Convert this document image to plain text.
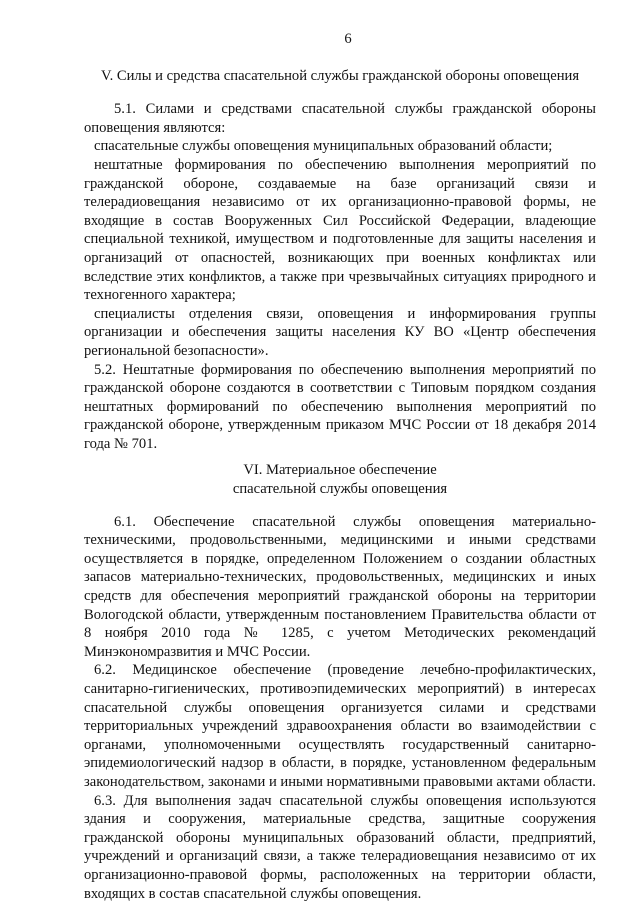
6
V. Силы и средства спасательной службы гражданской обороны оповещения

5.1. Силами и средствами спасательной службы гражданской обороны оповещения являются:

спасательные службы оповещения муниципальных образований области;

нештатные формирования по обеспечению выполнения мероприятий по гражданской обороне, создаваемые на базе организаций связи и телерадиовещания независимо от их организационно-правовой формы, не входящие в состав Вооруженных Сил Российской Федерации, владеющие специальной техникой, имуществом и подготовленные для защиты населения и организаций от опасностей, возникающих при военных конфликтах или вследствие этих конфликтов, а также при чрезвычайных ситуациях природного и техногенного характера;

специалисты отделения связи, оповещения и информирования группы организации и обеспечения защиты населения КУ ВО «Центр обеспечения региональной безопасности».

5.2. Нештатные формирования по обеспечению выполнения мероприятий по гражданской обороне создаются в соответствии с Типовым порядком создания нештатных формирований по обеспечению выполнения мероприятий по гражданской обороне, утвержденным приказом МЧС России от 18 декабря 2014 года № 701.

VI. Материальное обеспечение
спасательной службы оповещения

6.1. Обеспечение спасательной службы оповещения материально-техническими, продовольственными, медицинскими и иными средствами осуществляется в порядке, определенном Положением о создании областных запасов материально-технических, продовольственных, медицинских и иных средств для обеспечения мероприятий гражданской обороны на территории Вологодской области, утвержденным постановлением Правительства области от 8 ноября 2010 года № 1285, с учетом Методических рекомендаций Минэкономразвития и МЧС России.

6.2. Медицинское обеспечение (проведение лечебно-профилактических, санитарно-гигиенических, противоэпидемических мероприятий) в интересах спасательной службы оповещения организуется силами и средствами территориальных учреждений здравоохранения области во взаимодействии с органами, уполномоченными осуществлять государственный санитарно-эпидемиологический надзор в области, в порядке, установленном федеральным законодательством, законами и иными нормативными правовыми актами области.

6.3. Для выполнения задач спасательной службы оповещения используются здания и сооружения, материальные средства, защитные сооружения гражданской обороны муниципальных образований области, предприятий, учреждений и организаций связи, а также телерадиовещания независимо от их организационно-правовой формы, расположенных на территории области, входящих в состав спасательной службы оповещения.
